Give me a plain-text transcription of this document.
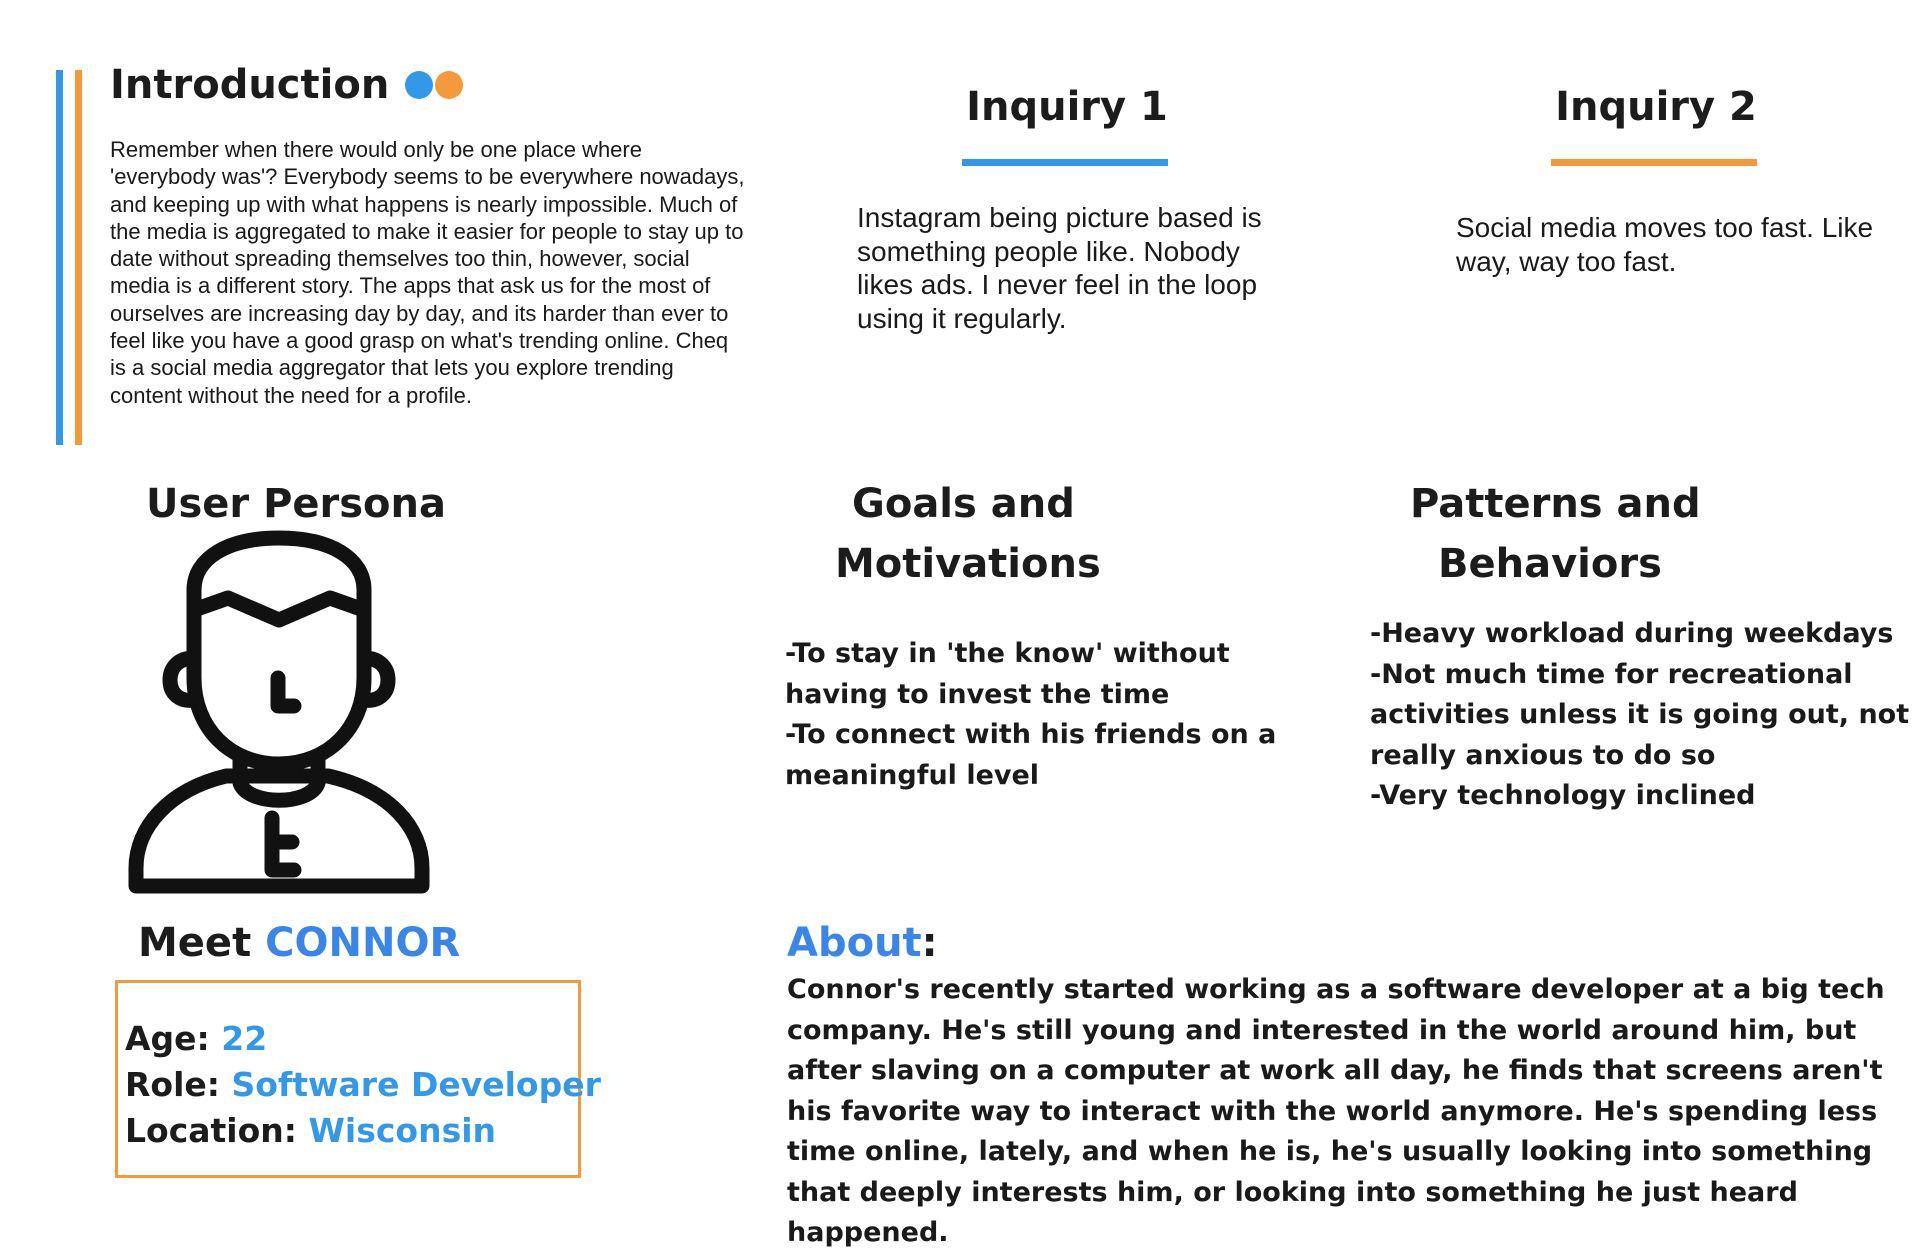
Introduction
Remember when there would only be one place where 'everybody was'? Everybody seems to be everywhere nowadays, and keeping up with what happens is nearly impossible. Much of the media is aggregated to make it easier for people to stay up to date without spreading themselves too thin, however, social media is a different story. The apps that ask us for the most of ourselves are increasing day by day, and its harder than ever to feel like you have a good grasp on what's trending online. Cheq is a social media aggregator that lets you explore trending content without the need for a profile.
Inquiry 1
Instagram being picture based is something people like. Nobody likes ads. I never feel in the loop using it regularly.
Inquiry 2
Social media moves too fast. Like way, way too fast.
User Persona
Meet CONNOR
Age: 22
Role: Software Developer
Location: Wisconsin
Goals and
Motivations
-To stay in 'the know' without
having to invest the time
-To connect with his friends on a
meaningful level
Patterns and
Behaviors
-Heavy workload during weekdays
-Not much time for recreational
activities unless it is going out, not
really anxious to do so
-Very technology inclined
About:
Connor's recently started working as a software developer at a big tech company. He's still young and interested in the world around him, but after slaving on a computer at work all day, he finds that screens aren't his favorite way to interact with the world anymore. He's spending less time online, lately, and when he is, he's usually looking into something that deeply interests him, or looking into something he just heard happened.
